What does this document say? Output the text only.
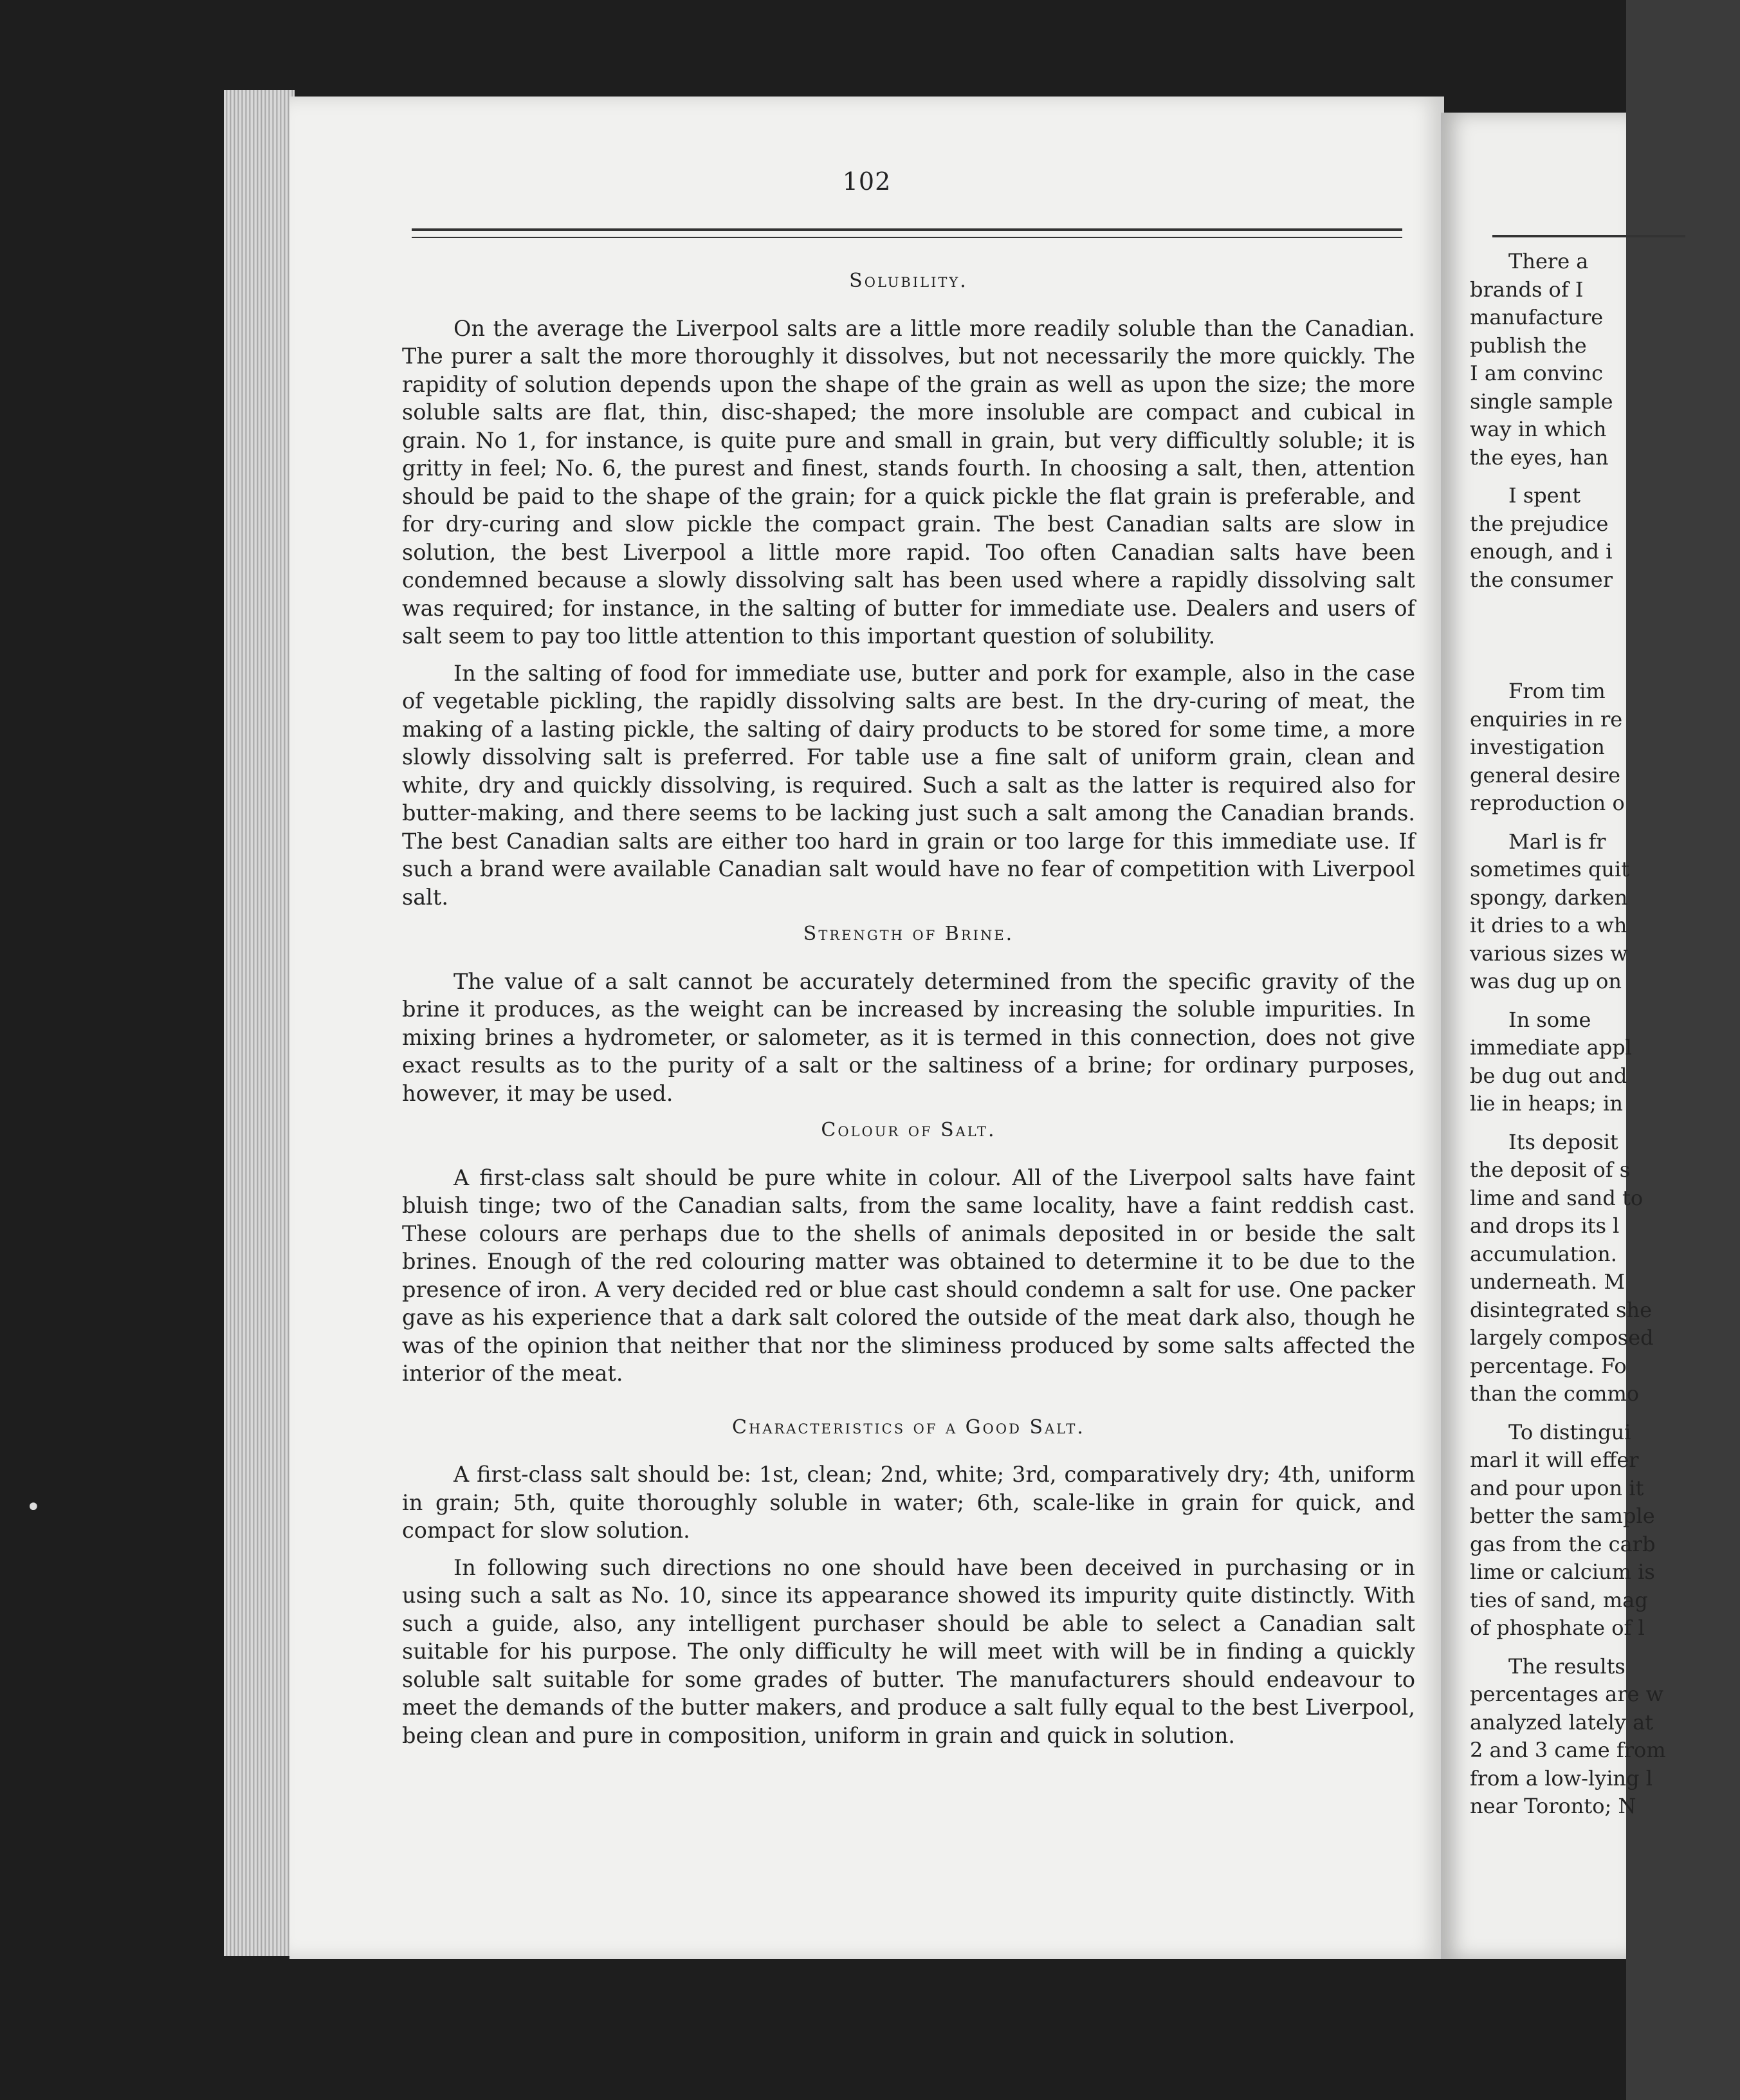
102
Solubility.

On the average the Liverpool salts are a little more readily soluble than the Canadian. The purer a salt the more thoroughly it dissolves, but not necessarily the more quickly. The rapidity of solution depends upon the shape of the grain as well as upon the size; the more soluble salts are flat, thin, disc-shaped; the more insoluble are compact and cubical in grain. No 1, for instance, is quite pure and small in grain, but very difficultly soluble; it is gritty in feel; No. 6, the purest and finest, stands fourth. In choosing a salt, then, attention should be paid to the shape of the grain; for a quick pickle the flat grain is preferable, and for dry-curing and slow pickle the compact grain. The best Canadian salts are slow in solution, the best Liverpool a little more rapid. Too often Canadian salts have been condemned because a slowly dissolving salt has been used where a rapidly dissolving salt was required; for instance, in the salting of butter for immediate use. Dealers and users of salt seem to pay too little attention to this important question of solubility.

In the salting of food for immediate use, butter and pork for example, also in the case of vegetable pickling, the rapidly dissolving salts are best. In the dry-curing of meat, the making of a lasting pickle, the salting of dairy products to be stored for some time, a more slowly dissolving salt is preferred. For table use a fine salt of uniform grain, clean and white, dry and quickly dissolving, is required. Such a salt as the latter is required also for butter-making, and there seems to be lacking just such a salt among the Canadian brands. The best Canadian salts are either too hard in grain or too large for this immediate use. If such a brand were available Canadian salt would have no fear of competition with Liverpool salt.

Strength of Brine.

The value of a salt cannot be accurately determined from the specific gravity of the brine it produces, as the weight can be increased by increasing the soluble impurities. In mixing brines a hydrometer, or salometer, as it is termed in this connection, does not give exact results as to the purity of a salt or the saltiness of a brine; for ordinary purposes, however, it may be used.

Colour of Salt.

A first-class salt should be pure white in colour. All of the Liverpool salts have faint bluish tinge; two of the Canadian salts, from the same locality, have a faint reddish cast. These colours are perhaps due to the shells of animals deposited in or beside the salt brines. Enough of the red colouring matter was obtained to determine it to be due to the presence of iron. A very decided red or blue cast should condemn a salt for use. One packer gave as his experience that a dark salt colored the outside of the meat dark also, though he was of the opinion that neither that nor the sliminess produced by some salts affected the interior of the meat.

Characteristics of a Good Salt.

A first-class salt should be: 1st, clean; 2nd, white; 3rd, comparatively dry; 4th, uniform in grain; 5th, quite thoroughly soluble in water; 6th, scale-like in grain for quick, and compact for slow solution.

In following such directions no one should have been deceived in purchasing or in using such a salt as No. 10, since its appearance showed its impurity quite distinctly. With such a guide, also, any intelligent purchaser should be able to select a Canadian salt suitable for his purpose. The only difficulty he will meet with will be in finding a quickly soluble salt suitable for some grades of butter. The manufacturers should endeavour to meet the demands of the butter makers, and produce a salt fully equal to the best Liverpool, being clean and pure in composition, uniform in grain and quick in solution.

There a
brands of I
manufacture
publish the
I am convinc
single sample
way in which
the eyes, han
I spent
the prejudice
enough, and i
the consumer
From tim
enquiries in re
investigation
general desire
reproduction o
Marl is fr
sometimes quit
spongy, darken
it dries to a wh
various sizes w
was dug up on
In some
immediate appl
be dug out and
lie in heaps; in
Its deposit
the deposit of s
lime and sand to
and drops its l
accumulation.
underneath. M
disintegrated she
largely composed
percentage. Fo
than the commo
To distingui
marl it will effer
and pour upon it
better the sample
gas from the carb
lime or calcium is
ties of sand, mag
of phosphate of l
The results
percentages are w
analyzed lately at
2 and 3 came from
from a low-lying l
near Toronto; N
•
